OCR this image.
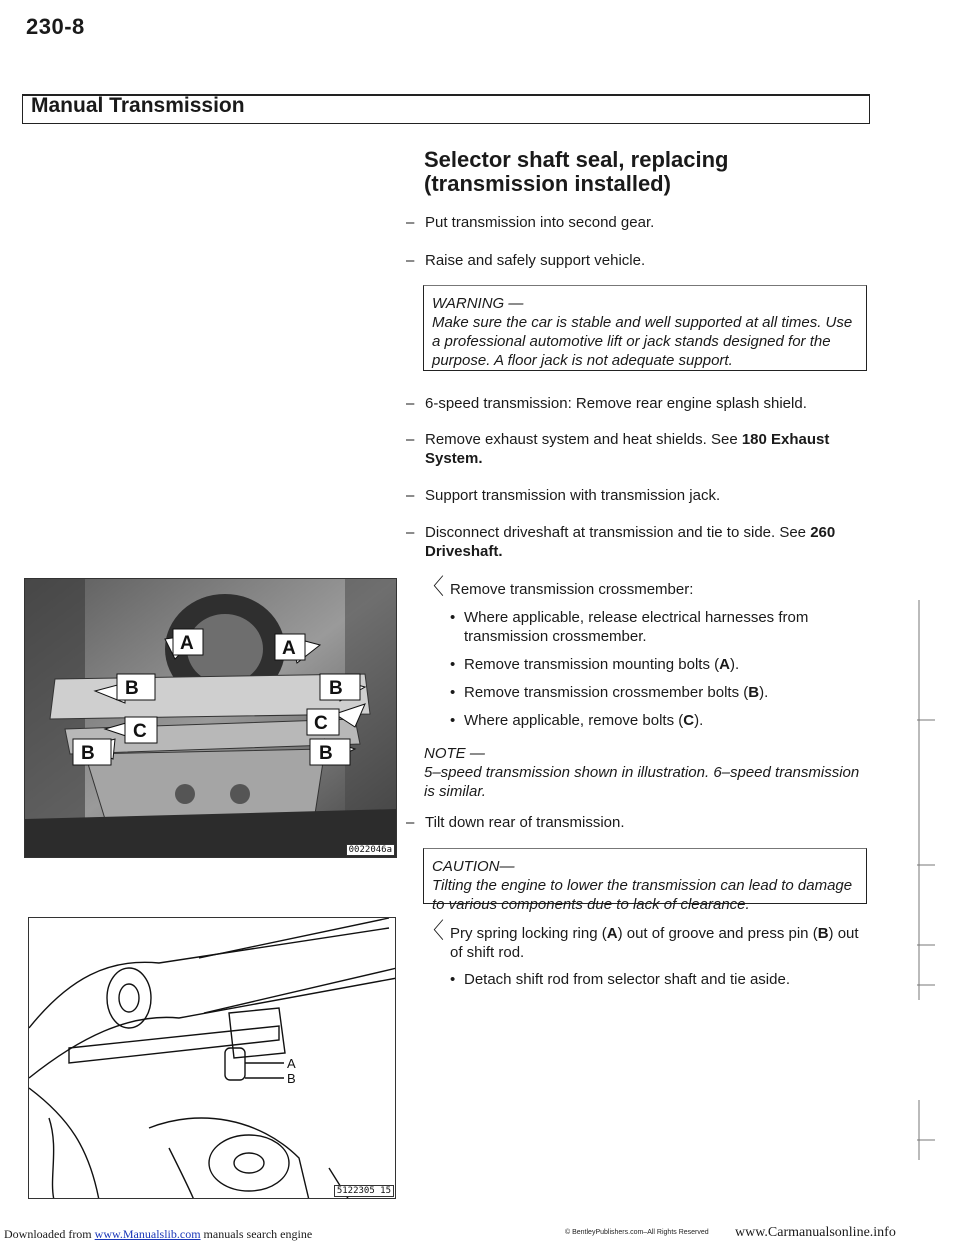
230-8
Manual Transmission
Selector shaft seal, replacing
(transmission installed)
– Put transmission into second gear.
– Raise and safely support vehicle.
WARNING —
Make sure the car is stable and well supported at all times. Use a professional automotive lift or jack stands designed for the purpose. A floor jack is not adequate support.
– 6-speed transmission: Remove rear engine splash shield.
– Remove exhaust system and heat shields. See 180 Exhaust System.
– Support transmission with transmission jack.
– Disconnect driveshaft at transmission and tie to side. See 260 Driveshaft.
〈 Remove transmission crossmember:
• Where applicable, release electrical harnesses from transmission crossmember.
• Remove transmission mounting bolts (A).
• Remove transmission crossmember bolts (B).
• Where applicable, remove bolts (C).
NOTE —
5–speed transmission shown in illustration. 6–speed transmission is similar.
– Tilt down rear of transmission.
CAUTION—
Tilting the engine to lower the transmission can lead to damage to various components due to lack of clearance.
〈 Pry spring locking ring (A) out of groove and press pin (B) out of shift rod.
• Detach shift rod from selector shaft and tie aside.
A	A
B	B
C
B
C
B
0022046a
A
B
5122305 15
Downloaded from www.Manualslib.com manuals search engine	© BentleyPublishers.com–All Rights Reserved www.Carmanualsonline.info
